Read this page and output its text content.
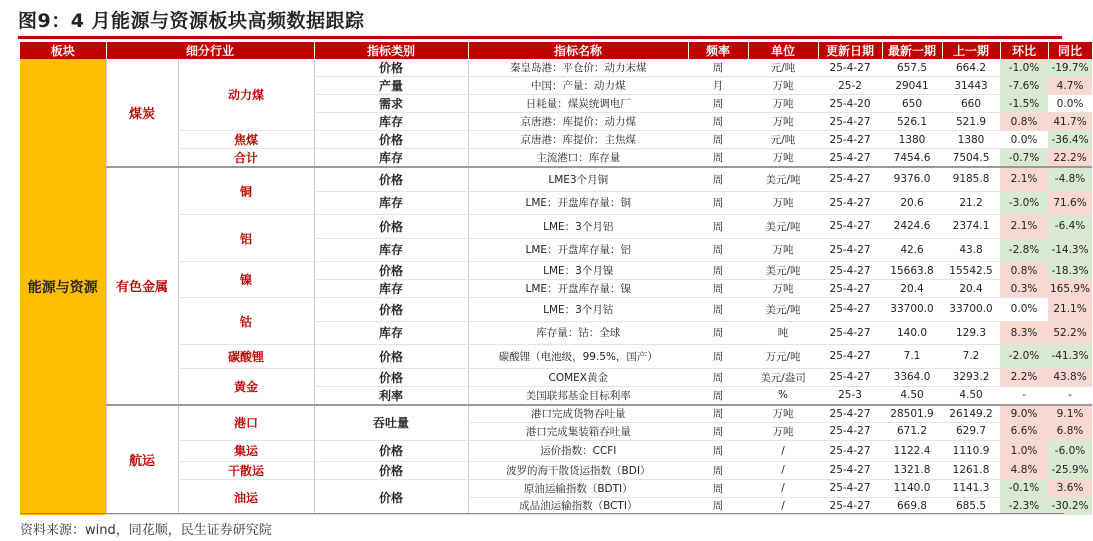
图9：4 月能源与资源板块高频数据跟踪
板块	细分行业		指标类别	指标名称	频率	单位	更新日期	最新一期	上一期	环比	同比
能源与资源	煤炭	动力煤	价格	秦皇岛港：平仓价：动力末煤	周	元/吨	25-4-27	657.5	664.2	-1.0%	-19.7%
			产量	中国：产量：动力煤	月	万吨	25-2	29041	31443	-7.6%	4.7%
			需求	日耗量：煤炭统调电厂	周	万吨	25-4-20	650	660	-1.5%	0.0%
			库存	京唐港：库提价：动力煤	周	万吨	25-4-27	526.1	521.9	0.8%	41.7%
		焦煤	价格	京唐港：库提价：主焦煤	周	元/吨	25-4-27	1380	1380	0.0%	-36.4%
		合计	库存	主流港口：库存量	周	万吨	25-4-27	7454.6	7504.5	-0.7%	22.2%
	有色金属	铜	价格	LME3个月铜	周	美元/吨	25-4-27	9376.0	9185.8	2.1%	-4.8%
			库存	LME：开盘库存量：铜	周	万吨	25-4-27	20.6	21.2	-3.0%	71.6%
		铝	价格	LME：3个月铝	周	美元/吨	25-4-27	2424.6	2374.1	2.1%	-6.4%
			库存	LME：开盘库存量：铝	周	万吨	25-4-27	42.6	43.8	-2.8%	-14.3%
		镍	价格	LME：3个月镍	周	美元/吨	25-4-27	15663.8	15542.5	0.8%	-18.3%
			库存	LME：开盘库存量：镍	周	万吨	25-4-27	20.4	20.4	0.3%	165.9%
		钴	价格	LME：3个月钴	周	美元/吨	25-4-27	33700.0	33700.0	0.0%	21.1%
			库存	库存量：钴：全球	周	吨	25-4-27	140.0	129.3	8.3%	52.2%
		碳酸锂	价格	碳酸锂（电池级，99.5%，国产）	周	万元/吨	25-4-27	7.1	7.2	-2.0%	-41.3%
		黄金	价格	COMEX黄金	周	美元/盎司	25-4-27	3364.0	3293.2	2.2%	43.8%
			利率	美国联邦基金目标利率	周	%	25-3	4.50	4.50	-	-
	航运	港口	吞吐量	港口完成货物吞吐量	周	万吨	25-4-27	28501.9	26149.2	9.0%	9.1%
				港口完成集装箱吞吐量	周	万吨	25-4-27	671.2	629.7	6.6%	6.8%
		集运	价格	运价指数：CCFI	周	/	25-4-27	1122.4	1110.9	1.0%	-6.0%
		干散运	价格	波罗的海干散货运指数（BDI）	周	/	25-4-27	1321.8	1261.8	4.8%	-25.9%
		油运	价格	原油运输指数（BDTI）	周	/	25-4-27	1140.0	1141.3	-0.1%	3.6%
				成品油运输指数（BCTI）	周	/	25-4-27	669.8	685.5	-2.3%	-30.2%
资料来源：wind，同花顺，民生证券研究院
